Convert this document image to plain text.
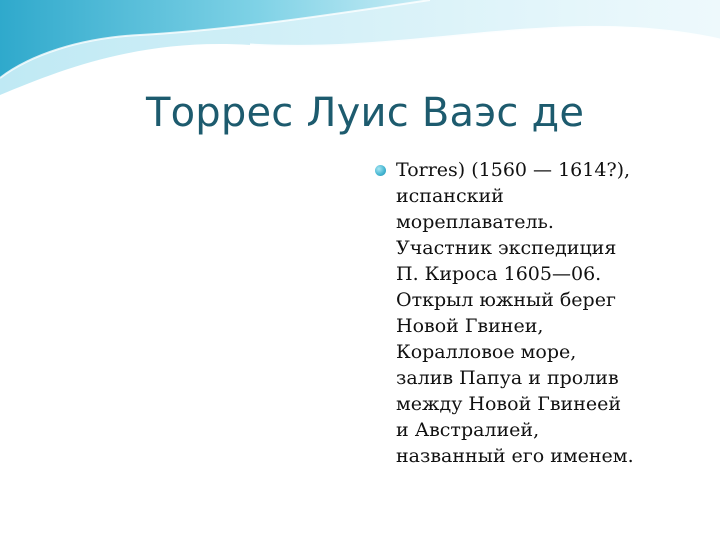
Торрес Луис Ваэс де
Torres) (1560 — 1614?),
испанский
мореплаватель.
Участник экспедиция
П. Кироса 1605—06.
Открыл южный берег
Новой Гвинеи,
Коралловое море,
залив Папуа и пролив
между Новой Гвинеей
и Австралией,
названный его именем.
